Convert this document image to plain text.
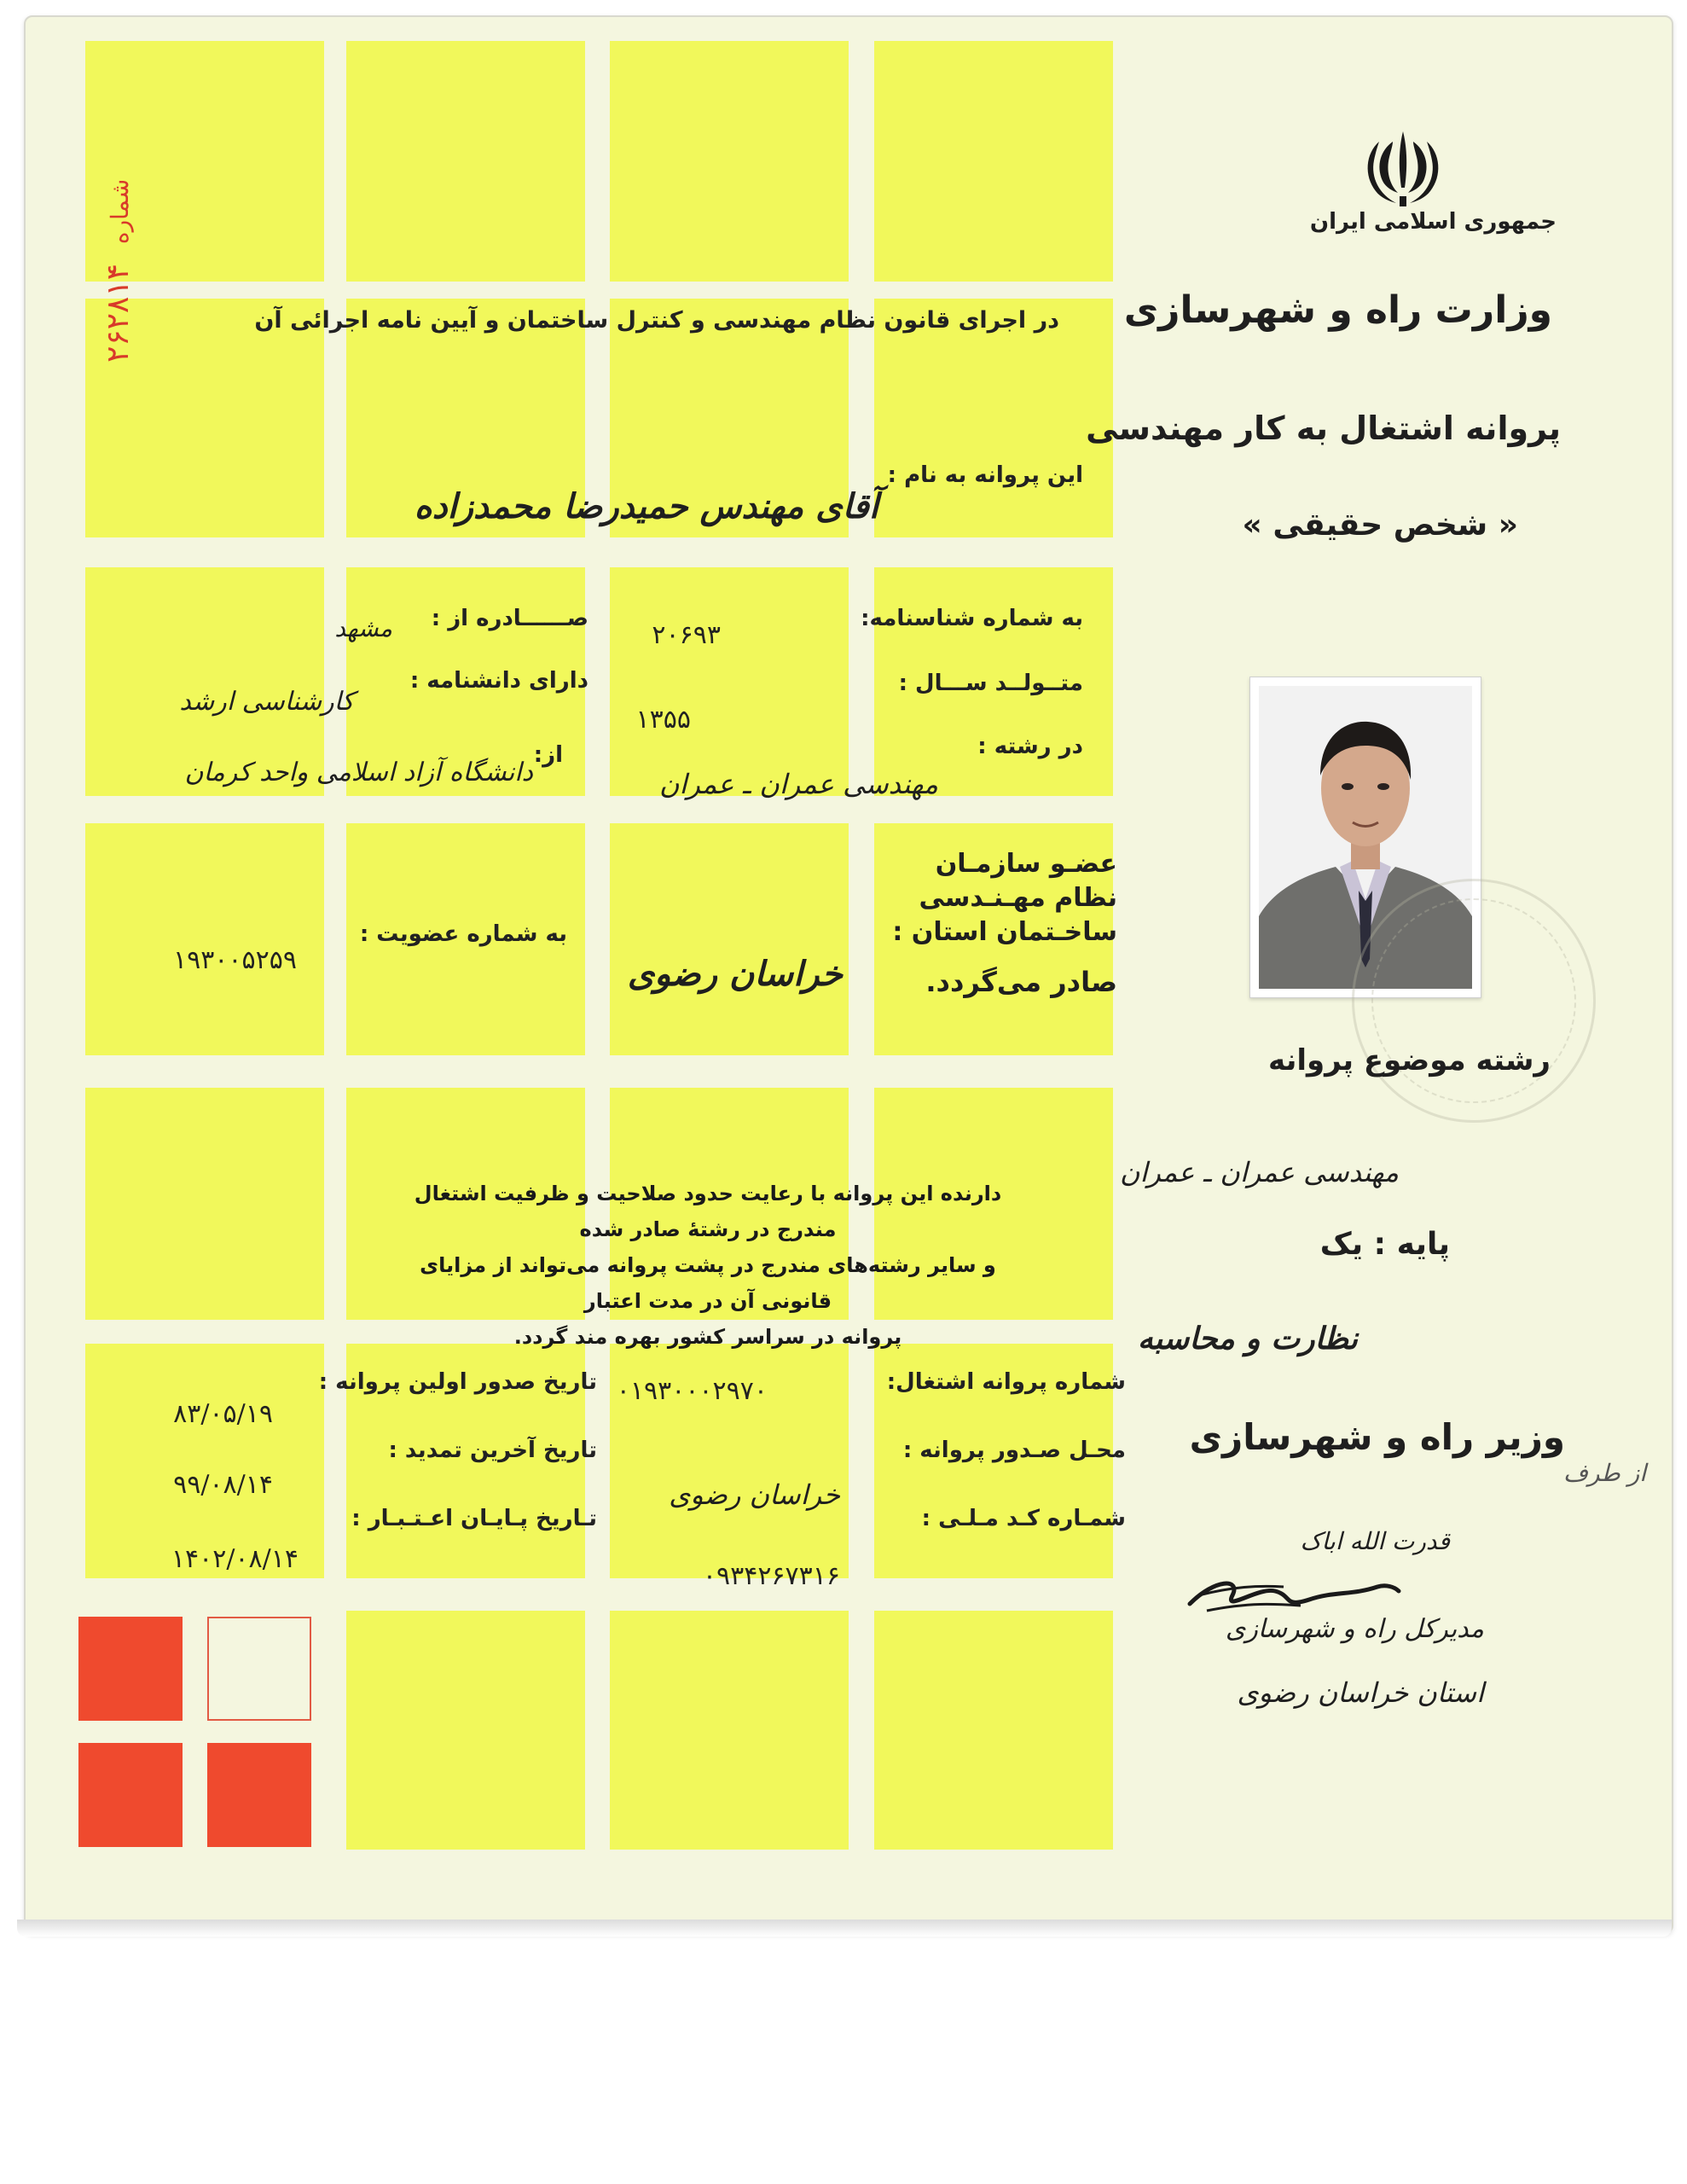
۲۶۲۸۱۴  شماره	جمهوری اسلامی ایران
وزارت راه و شهرسازی
پروانه اشتغال به کار مهندسی
« شخص حقیقی »
در اجرای قانون نظام مهندسی و کنترل ساختمان و آیین نامه اجرائی آن
این پروانه به نام :
آقای مهندس حمیدرضا محمدزاده
به شماره شناسنامه:
۲۰۶۹۳
صــــــادره از :
مشهد
متــولــد ســـال :
۱۳۵۵
دارای دانشنامه :
کارشناسی ارشد
در رشته :
مهندسی عمران ـ عمران
از:
دانشگاه آزاد اسلامی واحد کرمان
عضـو سازمـان
نظام مهـنـدسی
ساخـتمان استان :
خراسان رضوی
به شماره عضویت :
۱۹۳۰۰۵۲۵۹
صادر می‌گردد.
دارنده این پروانه با رعایت حدود صلاحیت و ظرفیت اشتغال مندرج در رشتهٔ صادر شده
و سایر رشته‌های مندرج در پشت پروانه می‌تواند از مزایای قانونی آن در مدت اعتبار
پروانه در سراسر کشور بهره مند گردد.
شماره پروانه اشتغال:
۰۱۹۳۰۰۰۲۹۷۰
محـل صـدور پروانه :
خراسان رضوی
شمـاره کـد مـلـی :
۰۹۳۴۲۶۷۳۱۶
تاریخ صدور اولین پروانه :
۸۳/۰۵/۱۹
تاریخ آخرین تمدید :
۹۹/۰۸/۱۴
تـاریخ پـایـان اعـتـبـار :
۱۴۰۲/۰۸/۱۴
رشته موضوع پروانه
مهندسی عمران ـ عمران
پایه : یک
نظارت و محاسبه
وزیر راه و شهرسازی
از طرف
قدرت الله اباک
مدیرکل راه و شهرسازی
استان خراسان رضوی
